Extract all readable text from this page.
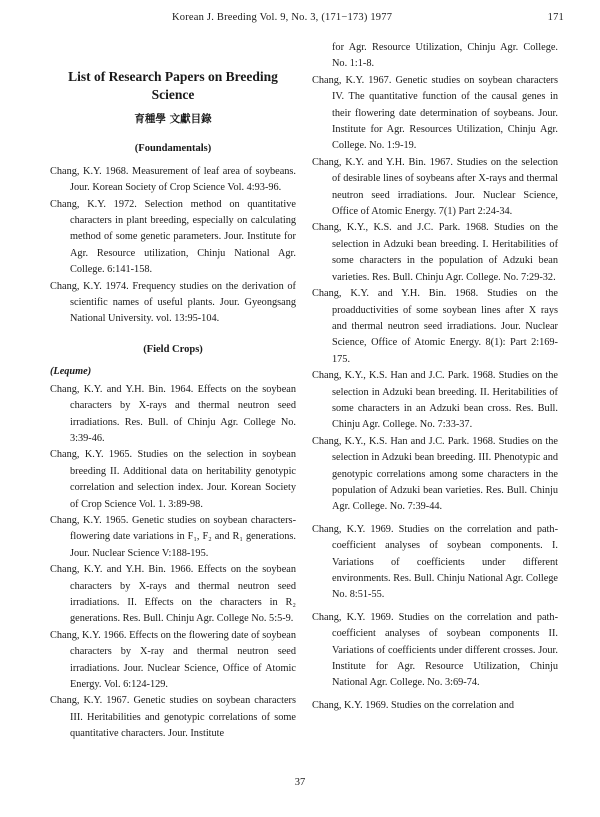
Korean J. Breeding Vol. 9, No. 3, (171−173) 1977	171
List of Research Papers on Breeding Science
育種學 文獻目錄
(Foundamentals)

Chang, K.Y. 1968. Measurement of leaf area of soybeans. Jour. Korean Society of Crop Science Vol. 4:93-96.

Chang, K.Y. 1972. Selection method on quantitative characters in plant breeding, especially on calculating method of some genetic parameters. Jour. Institute for Agr. Resource utilization, Chinju National Agr. College. 6:141-158.

Chang, K.Y. 1974. Frequency studies on the derivation of scientific names of useful plants. Jour. Gyeongsang National University. vol. 13:95-104.

(Field Crops)
(Lequme)

Chang, K.Y. and Y.H. Bin. 1964. Effects on the soybean characters by X-rays and thermal neutron seed irradiations. Res. Bull. of Chinju Agr. College No. 3:39-46.

Chang, K.Y. 1965. Studies on the selection in soybean breeding II. Additional data on heritability genotypic correlation and selection index. Jour. Korean Society of Crop Science Vol. 1. 3:89-98.

Chang, K.Y. 1965. Genetic studies on soybean characters-flowering date variations in F₁, F₂ and R₁ generations. Jour. Nuclear Science V:188-195.

Chang, K.Y. and Y.H. Bin. 1966. Effects on the soybean characters by X-rays and thermal neutron seed irradiations. II. Effects on the characters in R₂ generations. Res. Bull. Chinju Agr. College No. 5:5-9.

Chang, K.Y. 1966. Effects on the flowering date of soybean characters by X-ray and thermal neutron seed irradiations. Jour. Nuclear Science, Office of Atomic Energy. Vol. 6:124-129.

Chang, K.Y. 1967. Genetic studies on soybean characters III. Heritabilities and genotypic correlations of some quantitative characters. Jour. Institute

for Agr. Resource Utilization, Chinju Agr. College. No. 1:1-8.

Chang, K.Y. 1967. Genetic studies on soybean characters IV. The quantitative function of the causal genes in their flowering date determination of soybeans. Jour. Institute for Agr. Resources Utilization, Chinju Agr. College. No. 1:9-19.

Chang, K.Y. and Y.H. Bin. 1967. Studies on the selection of desirable lines of soybeans after X-rays and thermal neutron seed irradiations. Jour. Nuclear Science, Office of Atomic Energy. 7(1) Part 2:24-34.

Chang, K.Y., K.S. and J.C. Park. 1968. Studies on the selection in Adzuki bean breeding. I. Heritabilities of some characters in the population of Adzuki bean varieties. Res. Bull. Chinju Agr. College. No. 7:29-32.

Chang, K.Y. and Y.H. Bin. 1968. Studies on the proadductivities of some soybean lines after X rays and thermal neutron seed irradiations. Jour. Nuclear Science, Office of Atomic Energy. 8(1): Part 2:169-175.

Chang, K.Y., K.S. Han and J.C. Park. 1968. Studies on the selection in Adzuki bean breeding. II. Heritabilities of some characters in an Adzuki bean cross. Res. Bull. Chinju Agr. College. No. 7:33-37.

Chang, K.Y., K.S. Han and J.C. Park. 1968. Studies on the selection in Adzuki bean breeding. III. Phenotypic and genotypic correlations among some characters in the population of Adzuki bean varieties. Res. Bull. Chinju Agr. College. No. 7:39-44.

Chang, K.Y. 1969. Studies on the correlation and path-coefficient analyses of soybean components. I. Variations of coefficients under different environments. Res. Bull. Chinju National Agr. College No. 8:51-55.

Chang, K.Y. 1969. Studies on the correlation and path-coefficient analyses of soybean components II. Variations of coefficients under different crosses. Jour. Institute for Agr. Resource Utilization, Chinju National Agr. College. No. 3:69-74.

Chang, K.Y. 1969. Studies on the correlation and

37
